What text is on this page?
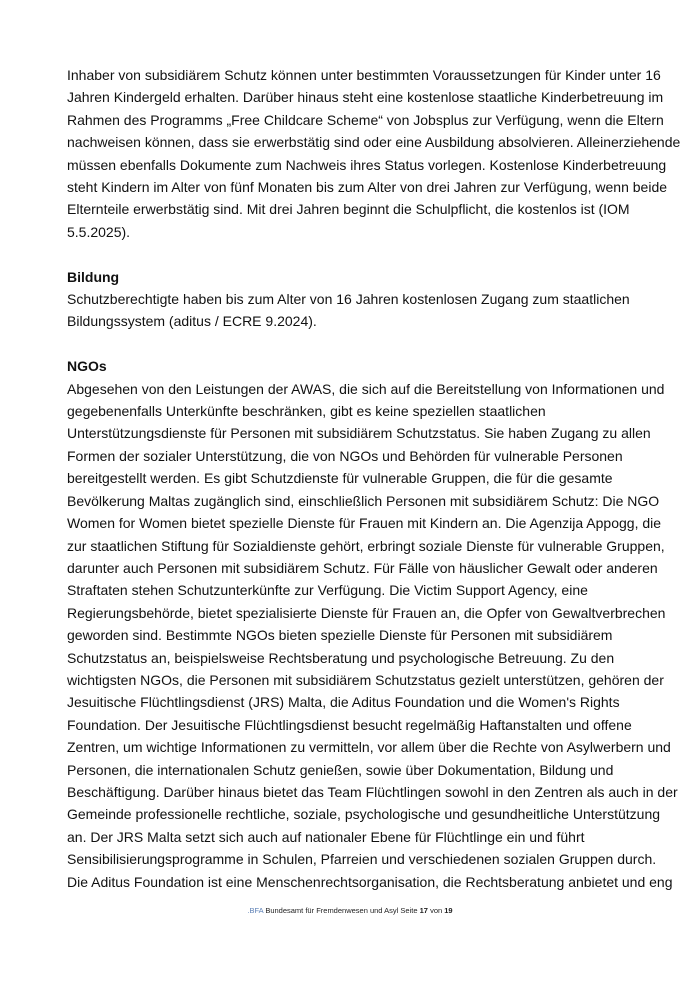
Inhaber von subsidiärem Schutz können unter bestimmten Voraussetzungen für Kinder unter 16
Jahren Kindergeld erhalten. Darüber hinaus steht eine kostenlose staatliche Kinderbetreuung im
Rahmen des Programms „Free Childcare Scheme“ von Jobsplus zur Verfügung, wenn die Eltern
nachweisen können, dass sie erwerbstätig sind oder eine Ausbildung absolvieren. Alleinerziehende
müssen ebenfalls Dokumente zum Nachweis ihres Status vorlegen. Kostenlose Kinderbetreuung
steht Kindern im Alter von fünf Monaten bis zum Alter von drei Jahren zur Verfügung, wenn beide
Elternteile erwerbstätig sind. Mit drei Jahren beginnt die Schulpflicht, die kostenlos ist (IOM
5.5.2025).
Bildung
Schutzberechtigte haben bis zum Alter von 16 Jahren kostenlosen Zugang zum staatlichen
Bildungssystem (aditus / ECRE 9.2024).
NGOs
Abgesehen von den Leistungen der AWAS, die sich auf die Bereitstellung von Informationen und
gegebenenfalls Unterkünfte beschränken, gibt es keine speziellen staatlichen
Unterstützungsdienste für Personen mit subsidiärem Schutzstatus. Sie haben Zugang zu allen
Formen der sozialer Unterstützung, die von NGOs und Behörden für vulnerable Personen
bereitgestellt werden. Es gibt Schutzdienste für vulnerable Gruppen, die für die gesamte
Bevölkerung Maltas zugänglich sind, einschließlich Personen mit subsidiärem Schutz: Die NGO
Women for Women bietet spezielle Dienste für Frauen mit Kindern an. Die Agenzija Appogg, die
zur staatlichen Stiftung für Sozialdienste gehört, erbringt soziale Dienste für vulnerable Gruppen,
darunter auch Personen mit subsidiärem Schutz. Für Fälle von häuslicher Gewalt oder anderen
Straftaten stehen Schutzunterkünfte zur Verfügung. Die Victim Support Agency, eine
Regierungsbehörde, bietet spezialisierte Dienste für Frauen an, die Opfer von Gewaltverbrechen
geworden sind. Bestimmte NGOs bieten spezielle Dienste für Personen mit subsidiärem
Schutzstatus an, beispielsweise Rechtsberatung und psychologische Betreuung. Zu den
wichtigsten NGOs, die Personen mit subsidiärem Schutzstatus gezielt unterstützen, gehören der
Jesuitische Flüchtlingsdienst (JRS) Malta, die Aditus Foundation und die Women's Rights
Foundation. Der Jesuitische Flüchtlingsdienst besucht regelmäßig Haftanstalten und offene
Zentren, um wichtige Informationen zu vermitteln, vor allem über die Rechte von Asylwerbern und
Personen, die internationalen Schutz genießen, sowie über Dokumentation, Bildung und
Beschäftigung. Darüber hinaus bietet das Team Flüchtlingen sowohl in den Zentren als auch in der
Gemeinde professionelle rechtliche, soziale, psychologische und gesundheitliche Unterstützung
an. Der JRS Malta setzt sich auch auf nationaler Ebene für Flüchtlinge ein und führt
Sensibilisierungsprogramme in Schulen, Pfarreien und verschiedenen sozialen Gruppen durch.
Die Aditus Foundation ist eine Menschenrechtsorganisation, die Rechtsberatung anbietet und eng
.BFA Bundesamt für Fremdenwesen und Asyl Seite 17 von 19
